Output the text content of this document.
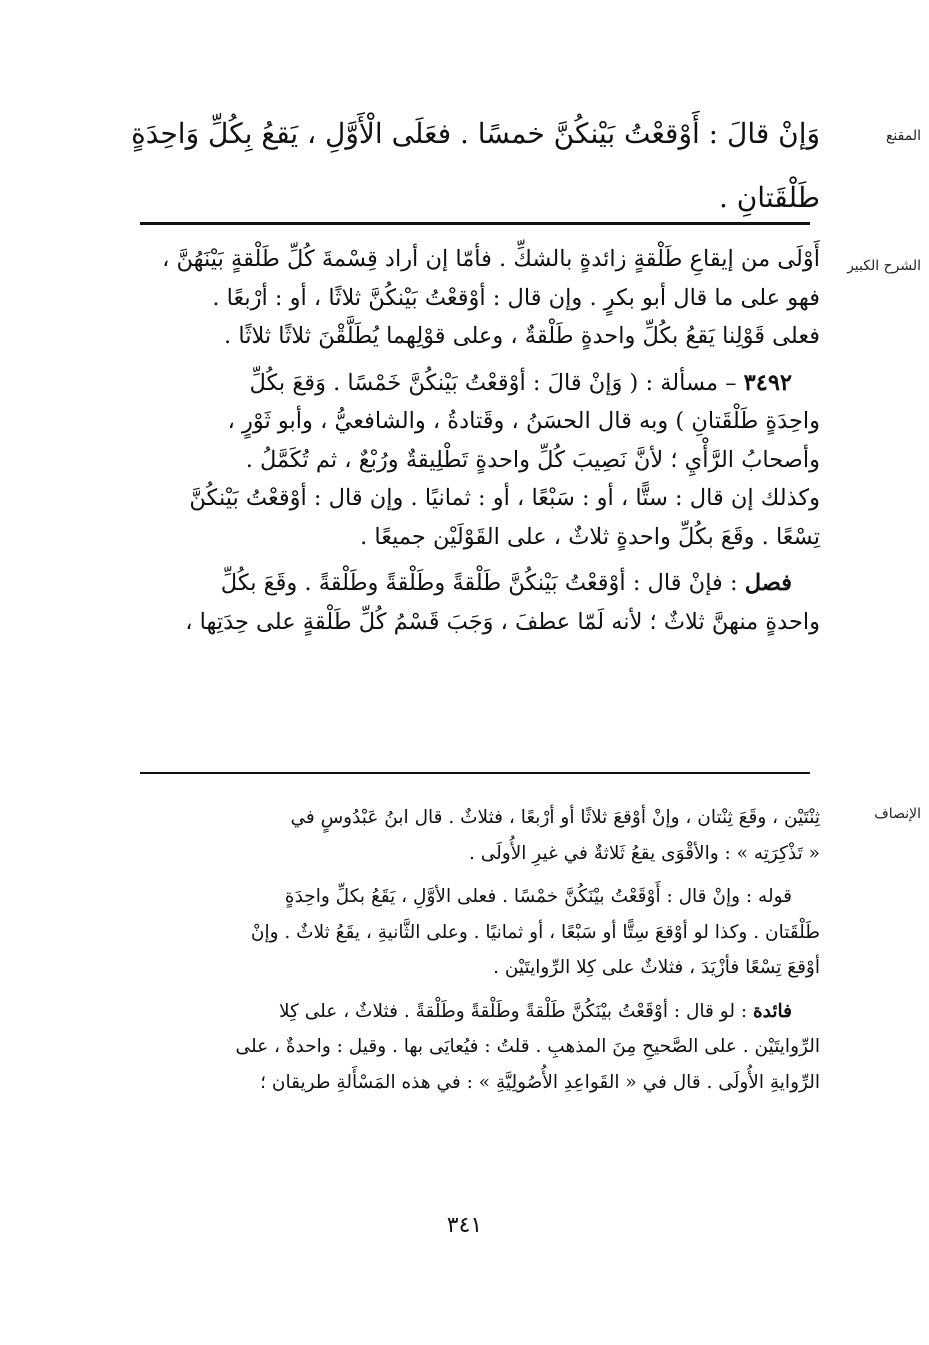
المقنع
وَإنْ قالَ : أَوْقعْتُ بَيْنكُنَّ خمسًا . فعَلَى الْأَوَّلِ ، يَقعُ بِكُلِّ وَاحِدَةٍ
طَلْقَتانِ .
الشرح الكبير
أَوْلَى من إيقاعِ طَلْقةٍ زائدةٍ بالشكِّ . فأمّا إن أراد قِسْمةَ كُلِّ طَلْقةٍ بَيْنَهُنَّ ،
فهو على ما قال أبو بكرٍ . وإن قال : أوْقعْتُ بَيْنكُنَّ ثلاثًا ، أو : أرْبعًا .
فعلى قَوْلِنا يَقعُ بكُلِّ واحدةٍ طَلْقةٌ ، وعلى قوْلِهما يُطَلَّقْنَ ثلاثًا ثلاثًا .
٣٤٩٢ – مسألة : ( وَإنْ قالَ : أوْقعْتُ بَيْنكُنَّ خَمْسًا . وَقعَ بكُلِّ
واحِدَةٍ طَلْقَتانِ ) وبه قال الحسَنُ ، وقَتادةُ ، والشافعيُّ ، وأبو ثَوْرٍ ،
وأصحابُ الرَّأْيِ ؛ لأنَّ نَصِيبَ كُلِّ واحدةٍ تَطْلِيقةٌ ورُبْعٌ ، ثم تُكَمَّلُ .
وكذلك إن قال : ستًّا ، أو : سَبْعًا ، أو : ثمانيًا . وإن قال : أوْقعْتُ بَيْنكُنَّ
تِسْعًا . وقَعَ بكُلِّ واحدةٍ ثلاثٌ ، على القَوْلَيْن جميعًا .
فصل : فإنْ قال : أوْقعْتُ بَيْنكُنَّ طَلْقةً وطَلْقةً وطَلْقةً . وقَعَ بكُلِّ
واحدةٍ منهنَّ ثلاثٌ ؛ لأنه لَمّا عطفَ ، وَجَبَ قَسْمُ كُلِّ طَلْقةٍ على حِدَتِها ،
الإنصاف
ثِنْتَيْن ، وقَعَ ثِنْتان ، وإنْ أوْقعَ ثلاثًا أو أرْبعًا ، فثلاثٌ . قال ابنُ عَبْدُوسٍ في
« تَذْكِرَتِه » : والأقْوَى يقعُ ثَلاثةٌ في غيرِ الأُولَى .
قوله : وإنْ قال : أَوْقَعْتُ بيْنَكُنَّ خمْسًا . فعلى الأوَّلِ ، يَقَعُ بكلِّ واحِدَةٍ
طَلْقَتان . وكذا لو أوْقعَ سِتًّا أو سَبْعًا ، أو ثمانيًا . وعلى الثَّانيةِ ، يقَعُ ثلاثٌ . وإنْ
أوْقعَ تِسْعًا فأزْيَدَ ، فثلاثٌ على كِلا الرِّوايتَيْن .
فائدة : لو قال : أوْقَعْتُ بيْنَكُنَّ طَلْقةً وطَلْقةً وطَلْقةً . فثلاثٌ ، على كِلا
الرِّوايتَيْن . على الصَّحيحِ مِنَ المذهبِ . قلتُ : فيُعايَى بها . وقيل : واحدةٌ ، على
الرِّوايةِ الأُولَى . قال في « القَواعِدِ الأُصُولِيَّةِ » : في هذه المَسْأَلةِ طريقان ؛
٣٤١
